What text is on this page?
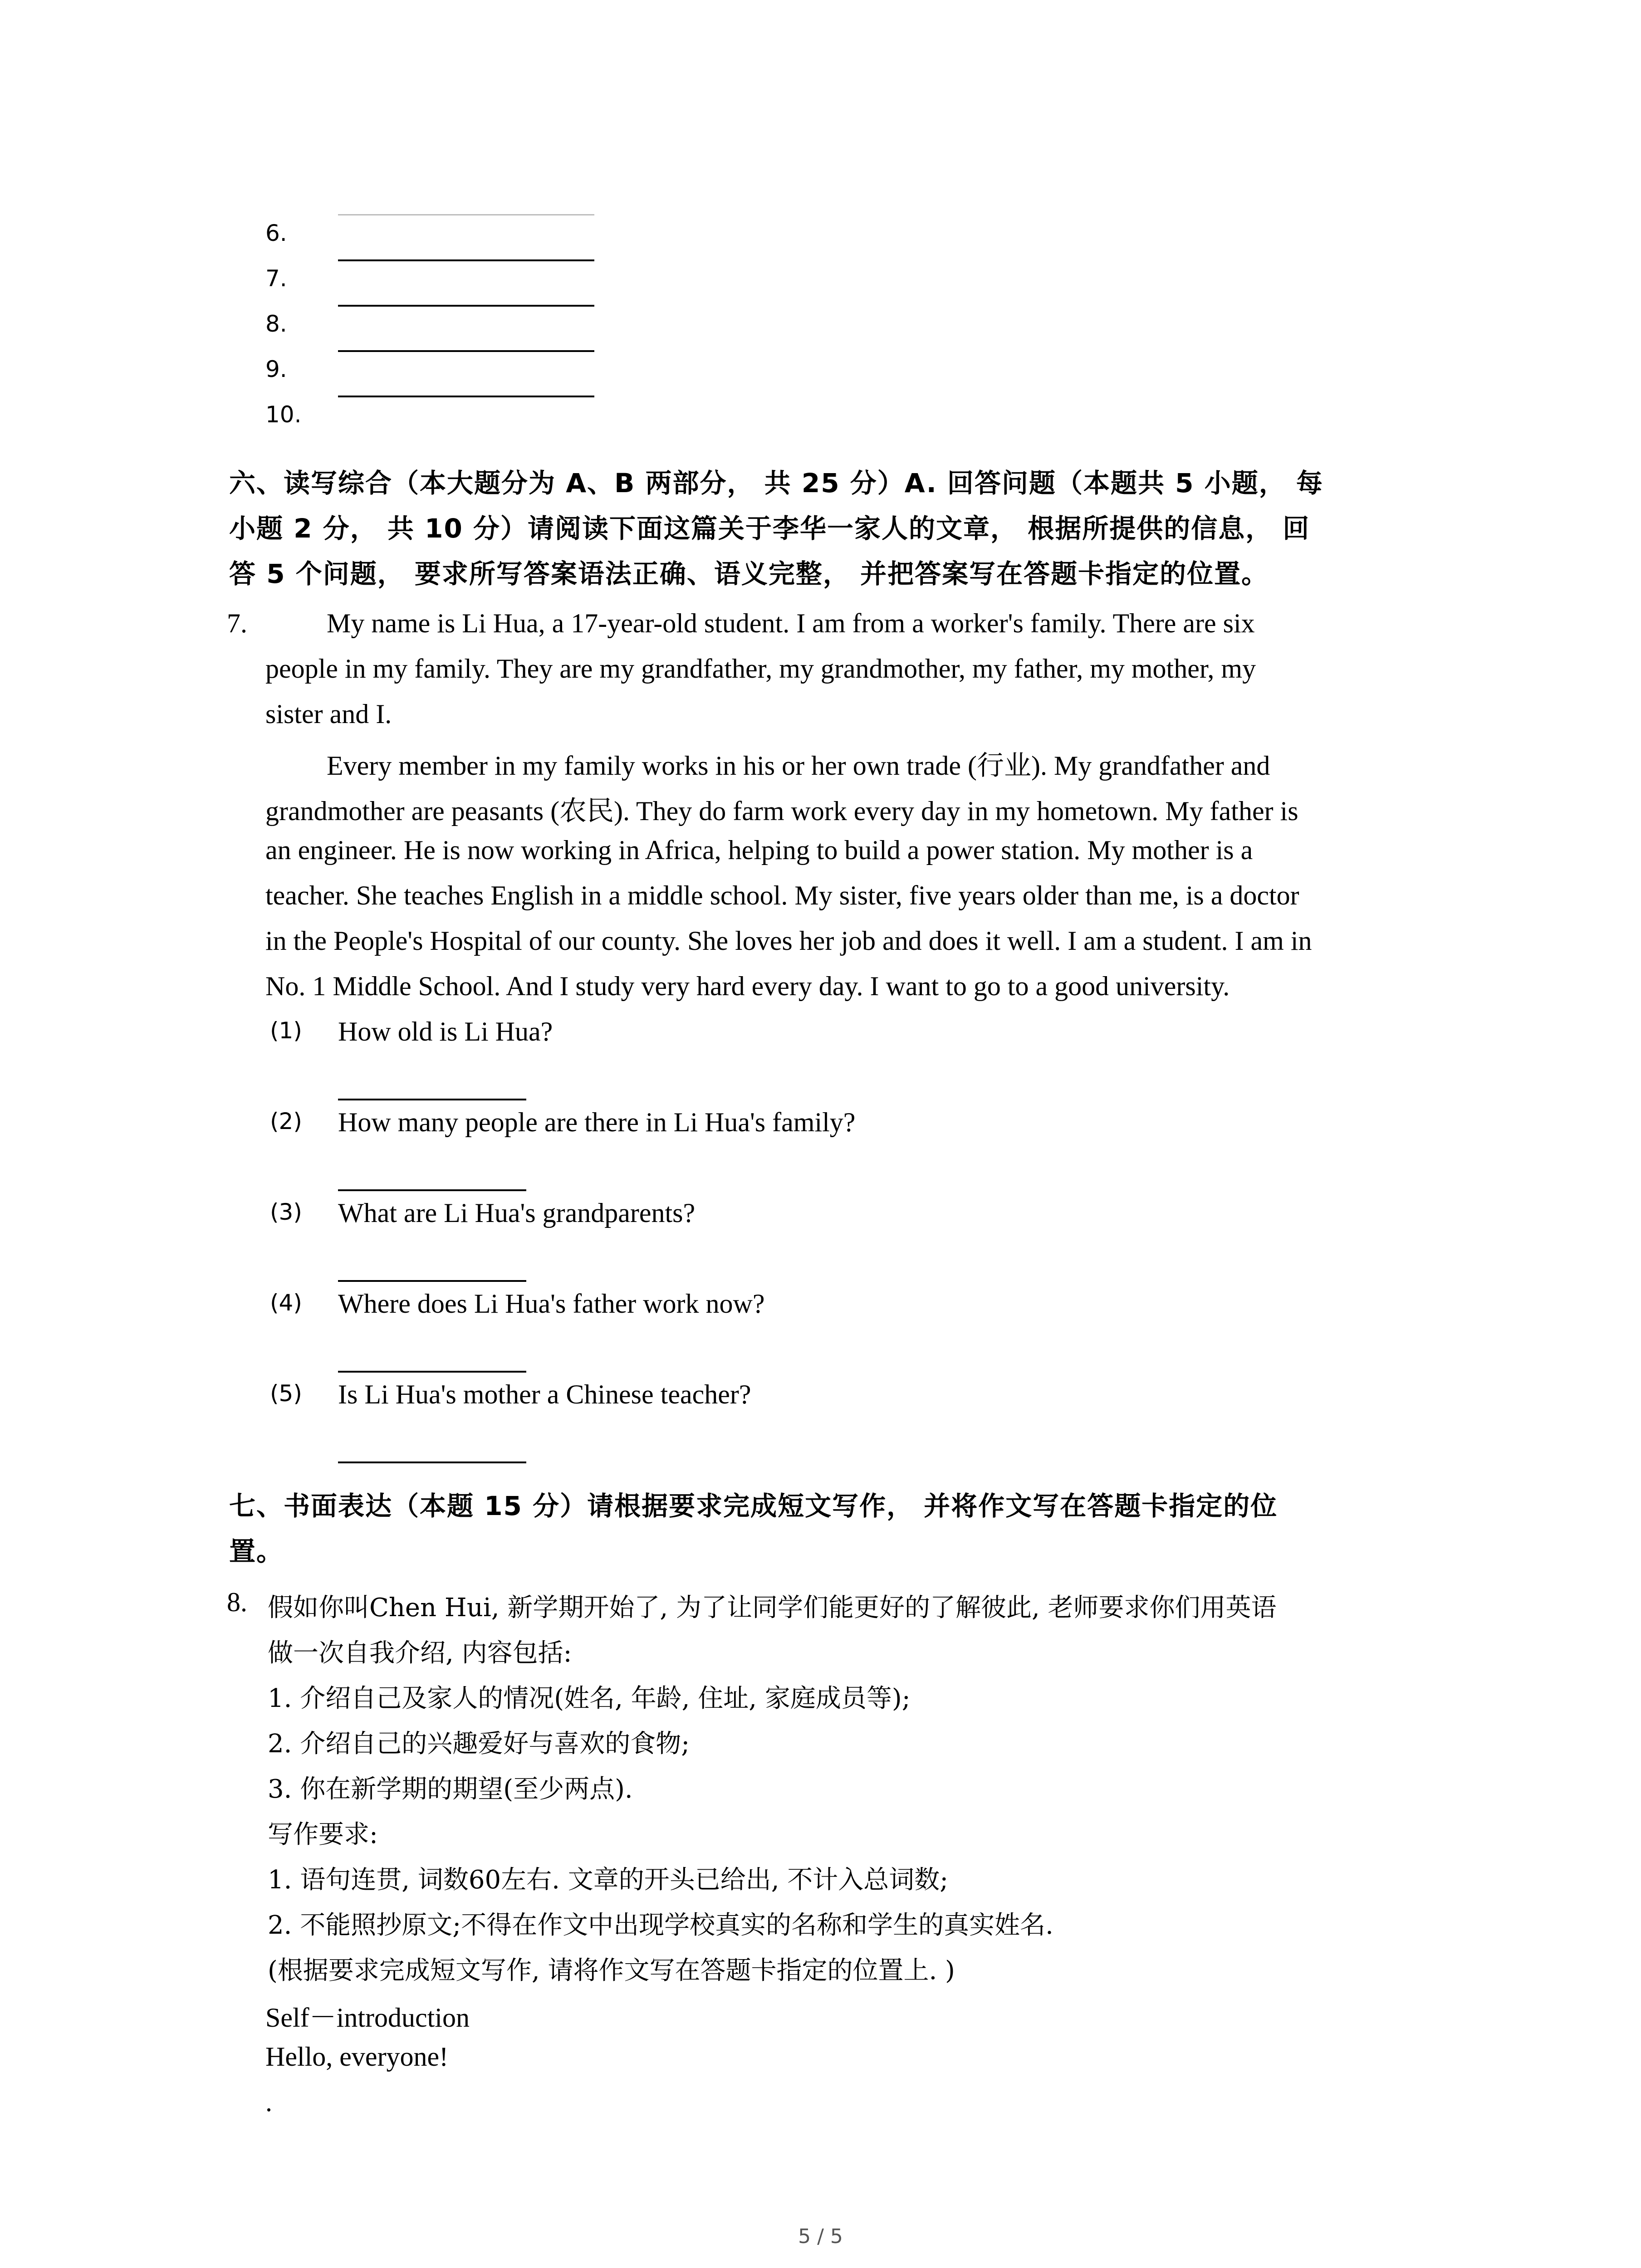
6.
7.
8.
9.
10.
六、读写综合（本大题分为 A、B 两部分， 共 25 分）A. 回答问题（本题共 5 小题， 每
小题 2 分， 共 10 分）请阅读下面这篇关于李华一家人的文章， 根据所提供的信息， 回
答 5 个问题， 要求所写答案语法正确、语义完整， 并把答案写在答题卡指定的位置。
7.	My name is Li Hua, a 17-year-old student. I am from a worker's family. There are six
people in my family. They are my grandfather, my grandmother, my father, my mother, my
sister and I.
Every member in my family works in his or her own trade (行业). My grandfather and
grandmother are peasants (农民). They do farm work every day in my hometown. My father is
an engineer. He is now working in Africa, helping to build a power station. My mother is a
teacher. She teaches English in a middle school. My sister, five years older than me, is a doctor
in the People's Hospital of our county. She loves her job and does it well. I am a student. I am in
No. 1 Middle School. And I study very hard every day. I want to go to a good university.
(1) How old is Li Hua?
(2) How many people are there in Li Hua's family?
(3) What are Li Hua's grandparents?
(4) Where does Li Hua's father work now?
(5) Is Li Hua's mother a Chinese teacher?
七、书面表达（本题 15 分）请根据要求完成短文写作， 并将作文写在答题卡指定的位
置。
8. 假如你叫Chen Hui, 新学期开始了, 为了让同学们能更好的了解彼此, 老师要求你们用英语
做一次自我介绍, 内容包括:
1. 介绍自己及家人的情况(姓名, 年龄, 住址, 家庭成员等);
2. 介绍自己的兴趣爱好与喜欢的食物;
3. 你在新学期的期望(至少两点).
写作要求:
1. 语句连贯, 词数60左右. 文章的开头已给出, 不计入总词数;
2. 不能照抄原文;不得在作文中出现学校真实的名称和学生的真实姓名.
(根据要求完成短文写作, 请将作文写在答题卡指定的位置上. )
Self－introduction
Hello, everyone!
.
5 / 5
